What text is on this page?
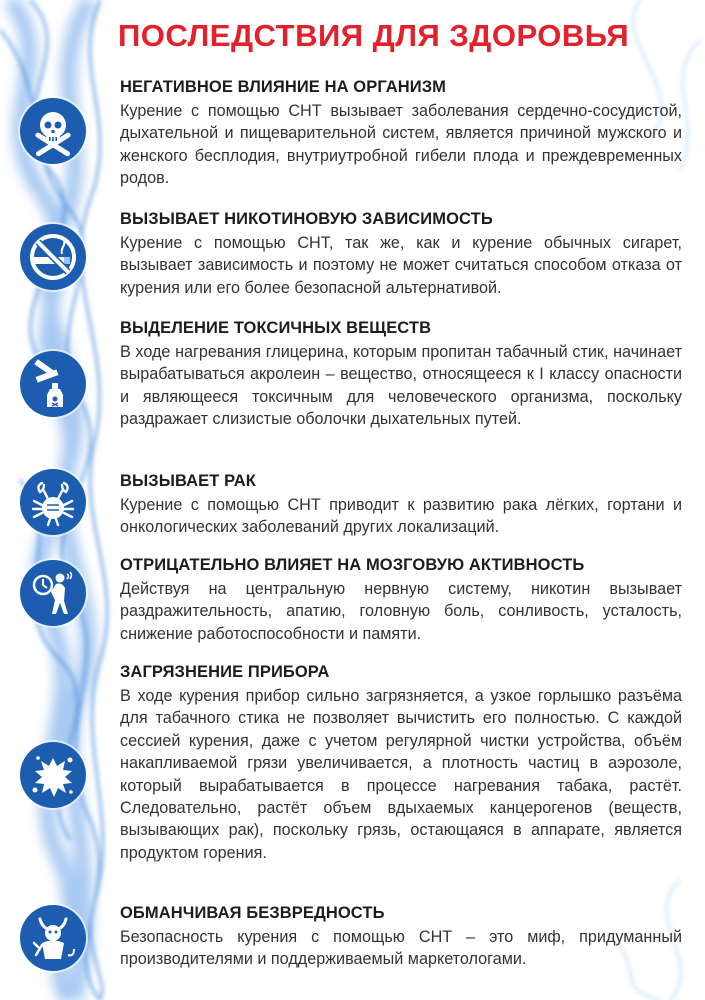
ПОСЛЕДСТВИЯ ДЛЯ ЗДОРОВЬЯ
НЕГАТИВНОЕ ВЛИЯНИЕ НА ОРГАНИЗМ

Курение с помощью СНТ вызывает заболевания сердечно-сосудистой, дыхательной и пищеварительной систем, является причиной мужского и женского бесплодия, внутриутробной гибели плода и преждевременных родов.

ВЫЗЫВАЕТ НИКОТИНОВУЮ ЗАВИСИМОСТЬ

Курение с помощью СНТ, так же, как и курение обычных сигарет, вызывает зависимость и поэтому не может считаться способом отказа от курения или его более безопасной альтернативой.

ВЫДЕЛЕНИЕ ТОКСИЧНЫХ ВЕЩЕСТВ

В ходе нагревания глицерина, которым пропитан табачный стик, начинает вырабатываться акролеин – вещество, относящееся к I классу опасности и являющееся токсичным для человеческого организма, поскольку раздражает слизистые оболочки дыхательных путей.

ВЫЗЫВАЕТ РАК

Курение с помощью СНТ приводит к развитию рака лёгких, гортани и онкологических заболеваний других локализаций.

ОТРИЦАТЕЛЬНО ВЛИЯЕТ НА МОЗГОВУЮ АКТИВНОСТЬ

Действуя на центральную нервную систему, никотин вызывает раздражительность, апатию, головную боль, сонливость, усталость, снижение работоспособности и памяти.

ЗАГРЯЗНЕНИЕ ПРИБОРА

В ходе курения прибор сильно загрязняется, а узкое горлышко разъёма для табачного стика не позволяет вычистить его полностью. С каждой сессией курения, даже с учетом регулярной чистки устройства, объём накапливаемой грязи увеличивается, а плотность частиц в аэрозоле, который вырабатывается в процессе нагревания табака, растёт. Следовательно, растёт объем вдыхаемых канцерогенов (веществ, вызывающих рак), поскольку грязь, остающаяся в аппарате, является продуктом горения.

ОБМАНЧИВАЯ БЕЗВРЕДНОСТЬ

Безопасность курения с помощью СНТ – это миф, придуманный производителями и поддерживаемый маркетологами.
